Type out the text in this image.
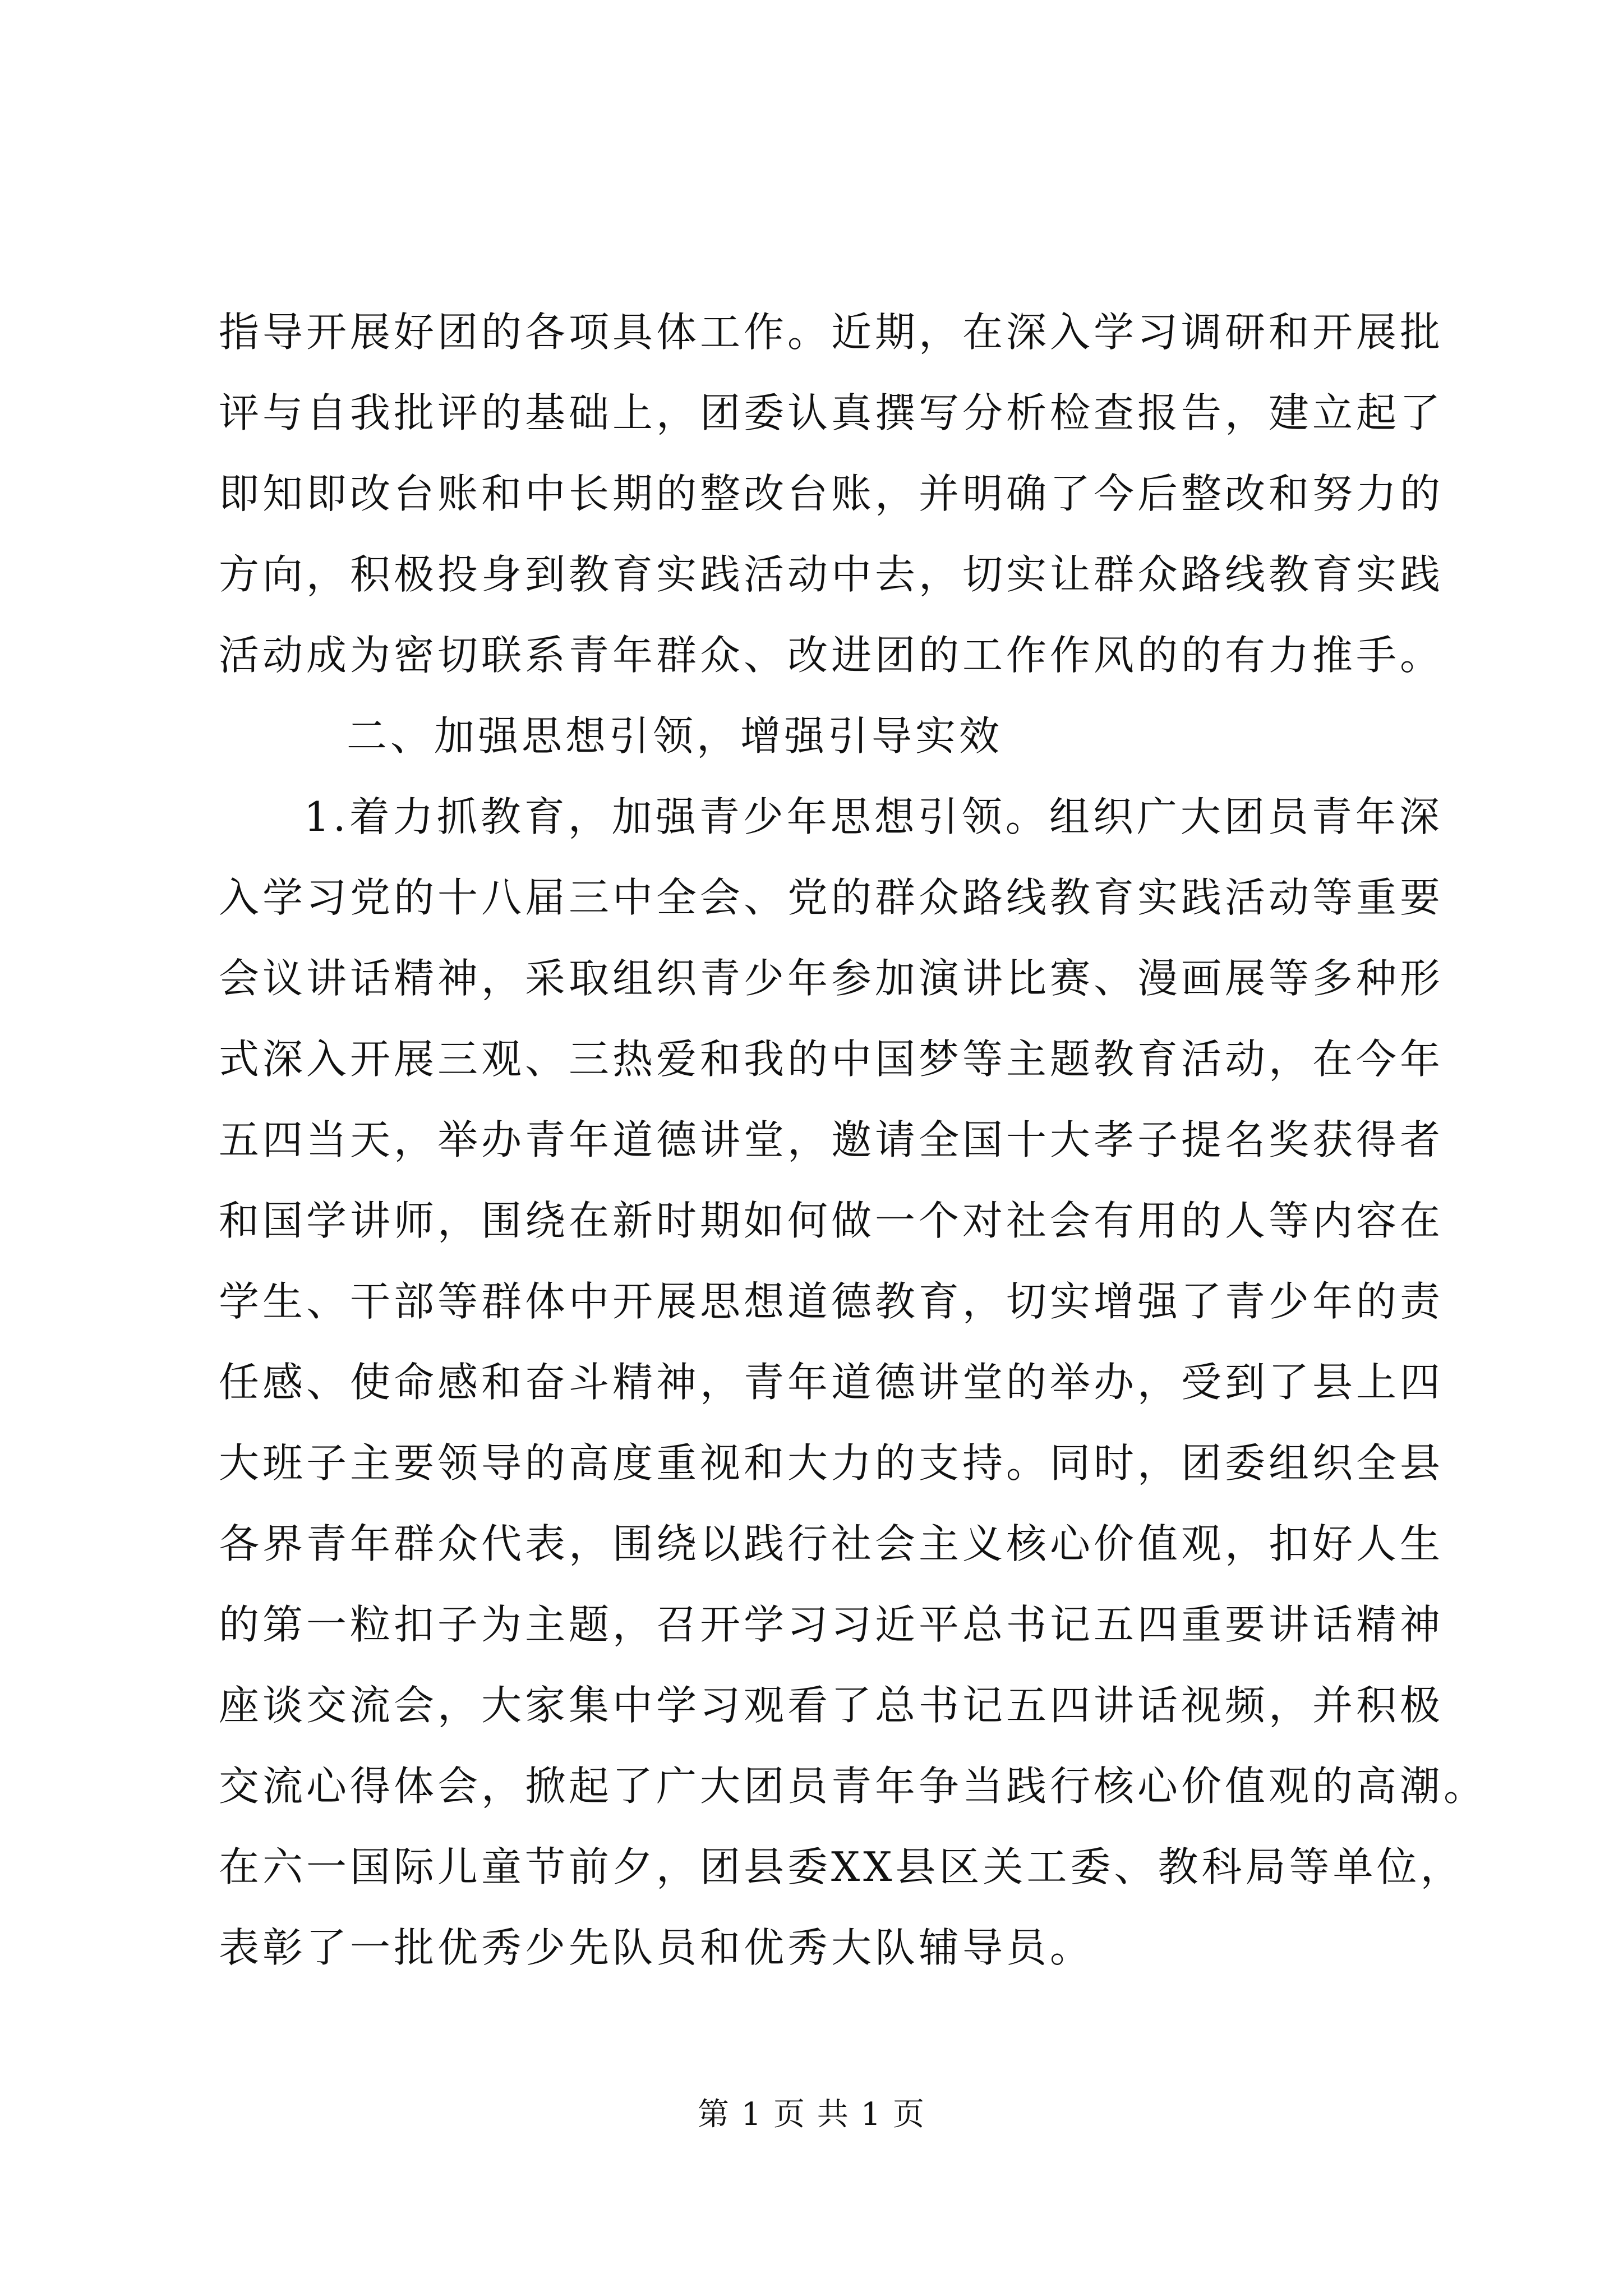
指导开展好团的各项具体工作。近期，在深入学习调研和开展批
评与自我批评的基础上，团委认真撰写分析检查报告，建立起了
即知即改台账和中长期的整改台账，并明确了今后整改和努力的
方向，积极投身到教育实践活动中去，切实让群众路线教育实践
活动成为密切联系青年群众、改进团的工作作风的的有力推手。
二、加强思想引领，增强引导实效
1.着力抓教育，加强青少年思想引领。组织广大团员青年深
入学习党的十八届三中全会、党的群众路线教育实践活动等重要
会议讲话精神，采取组织青少年参加演讲比赛、漫画展等多种形
式深入开展三观、三热爱和我的中国梦等主题教育活动，在今年
五四当天，举办青年道德讲堂，邀请全国十大孝子提名奖获得者
和国学讲师，围绕在新时期如何做一个对社会有用的人等内容在
学生、干部等群体中开展思想道德教育，切实增强了青少年的责
任感、使命感和奋斗精神，青年道德讲堂的举办，受到了县上四
大班子主要领导的高度重视和大力的支持。同时，团委组织全县
各界青年群众代表，围绕以践行社会主义核心价值观，扣好人生
的第一粒扣子为主题，召开学习习近平总书记五四重要讲话精神
座谈交流会，大家集中学习观看了总书记五四讲话视频，并积极
交流心得体会，掀起了广大团员青年争当践行核心价值观的高潮。
在六一国际儿童节前夕，团县委XX县区关工委、教科局等单位，
表彰了一批优秀少先队员和优秀大队辅导员。
第 1 页 共 1 页
